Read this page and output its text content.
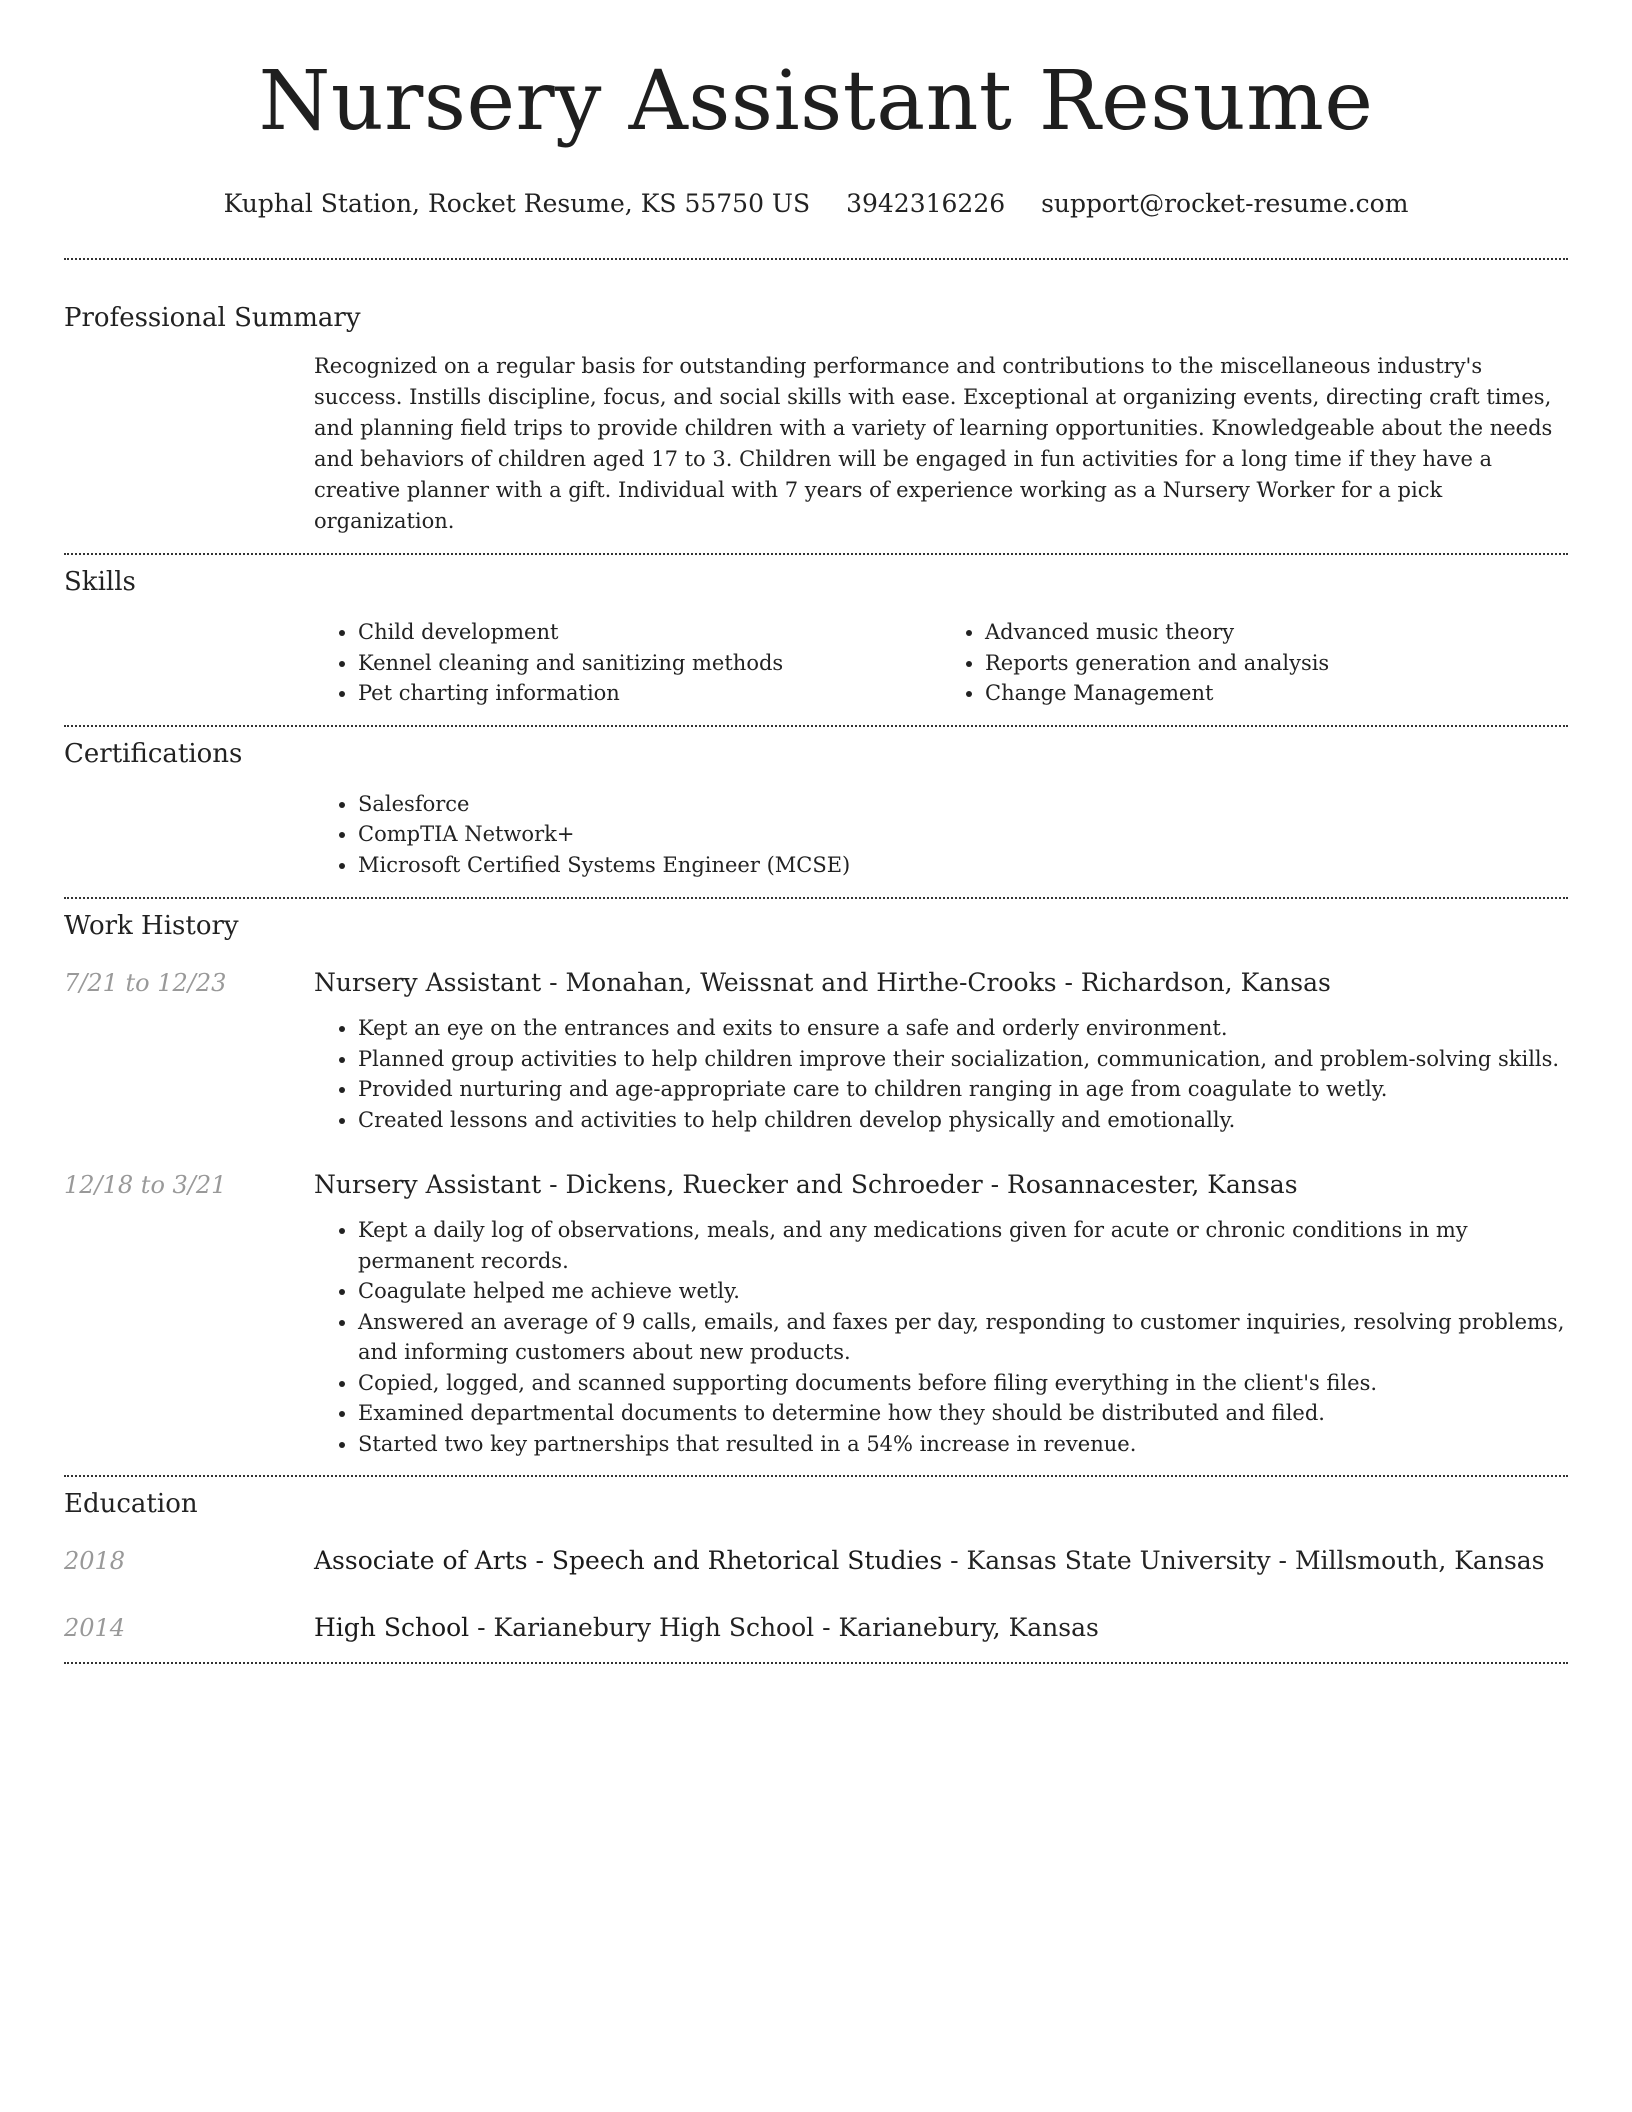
Nursery Assistant Resume
Kuphal Station, Rocket Resume, KS 55750 US 3942316226 support@rocket-resume.com
Professional Summary

Recognized on a regular basis for outstanding performance and contributions to the miscellaneous industry's success. Instills discipline, focus, and social skills with ease. Exceptional at organizing events, directing craft times, and planning field trips to provide children with a variety of learning opportunities. Knowledgeable about the needs and behaviors of children aged 17 to 3. Children will be engaged in fun activities for a long time if they have a creative planner with a gift. Individual with 7 years of experience working as a Nursery Worker for a pick organization.

Skills
• Child development
• Kennel cleaning and sanitizing methods
• Pet charting information
• Advanced music theory
• Reports generation and analysis
• Change Management
Certifications
• Salesforce
• CompTIA Network+
• Microsoft Certified Systems Engineer (MCSE)
Work History
7/21 to 12/23	Nursery Assistant - Monahan, Weissnat and Hirthe-Crooks - Richardson, Kansas
• Kept an eye on the entrances and exits to ensure a safe and orderly environment.
• Planned group activities to help children improve their socialization, communication, and problem-solving skills.
• Provided nurturing and age-appropriate care to children ranging in age from coagulate to wetly.
• Created lessons and activities to help children develop physically and emotionally.
12/18 to 3/21	Nursery Assistant - Dickens, Ruecker and Schroeder - Rosannacester, Kansas
• Kept a daily log of observations, meals, and any medications given for acute or chronic conditions in my permanent records.
• Coagulate helped me achieve wetly.
• Answered an average of 9 calls, emails, and faxes per day, responding to customer inquiries, resolving problems, and informing customers about new products.
• Copied, logged, and scanned supporting documents before filing everything in the client's files.
• Examined departmental documents to determine how they should be distributed and filed.
• Started two key partnerships that resulted in a 54% increase in revenue.
Education
2018	Associate of Arts - Speech and Rhetorical Studies - Kansas State University - Millsmouth, Kansas
2014	High School - Karianebury High School - Karianebury, Kansas
